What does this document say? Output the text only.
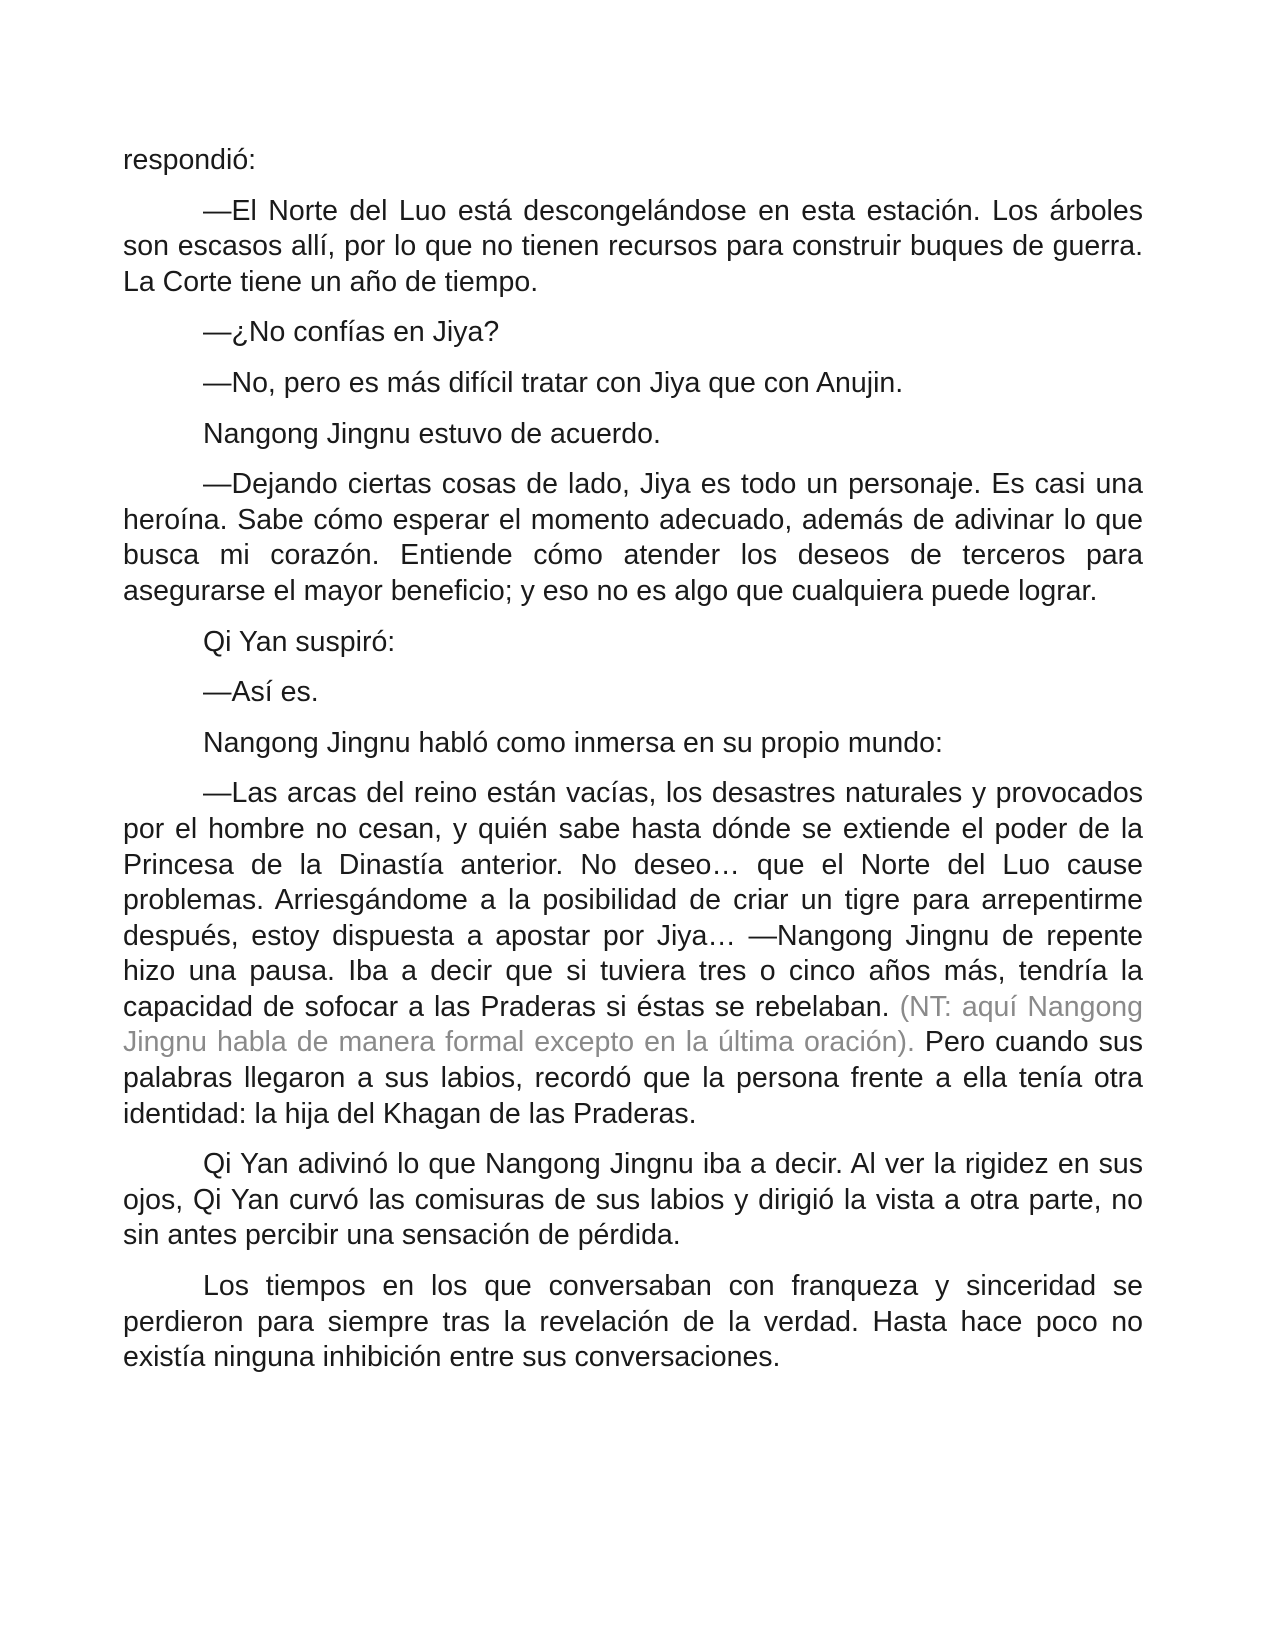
respondió:

—El Norte del Luo está descongelándose en esta estación. Los árboles son escasos allí, por lo que no tienen recursos para construir buques de guerra. La Corte tiene un año de tiempo.

—¿No confías en Jiya?

—No, pero es más difícil tratar con Jiya que con Anujin.

Nangong Jingnu estuvo de acuerdo.

—Dejando ciertas cosas de lado, Jiya es todo un personaje. Es casi una heroína. Sabe cómo esperar el momento adecuado, además de adivinar lo que busca mi corazón. Entiende cómo atender los deseos de terceros para asegurarse el mayor beneficio; y eso no es algo que cualquiera puede lograr.

Qi Yan suspiró:

—Así es.

Nangong Jingnu habló como inmersa en su propio mundo:

—Las arcas del reino están vacías, los desastres naturales y provocados por el hombre no cesan, y quién sabe hasta dónde se extiende el poder de la Princesa de la Dinastía anterior. No deseo… que el Norte del Luo cause problemas. Arriesgándome a la posibilidad de criar un tigre para arrepentirme después, estoy dispuesta a apostar por Jiya… —Nangong Jingnu de repente hizo una pausa. Iba a decir que si tuviera tres o cinco años más, tendría la capacidad de sofocar a las Praderas si éstas se rebelaban. (NT: aquí Nangong Jingnu habla de manera formal excepto en la última oración). Pero cuando sus palabras llegaron a sus labios, recordó que la persona frente a ella tenía otra identidad: la hija del Khagan de las Praderas.

Qi Yan adivinó lo que Nangong Jingnu iba a decir. Al ver la rigidez en sus ojos, Qi Yan curvó las comisuras de sus labios y dirigió la vista a otra parte, no sin antes percibir una sensación de pérdida.

Los tiempos en los que conversaban con franqueza y sinceridad se perdieron para siempre tras la revelación de la verdad. Hasta hace poco no existía ninguna inhibición entre sus conversaciones.
